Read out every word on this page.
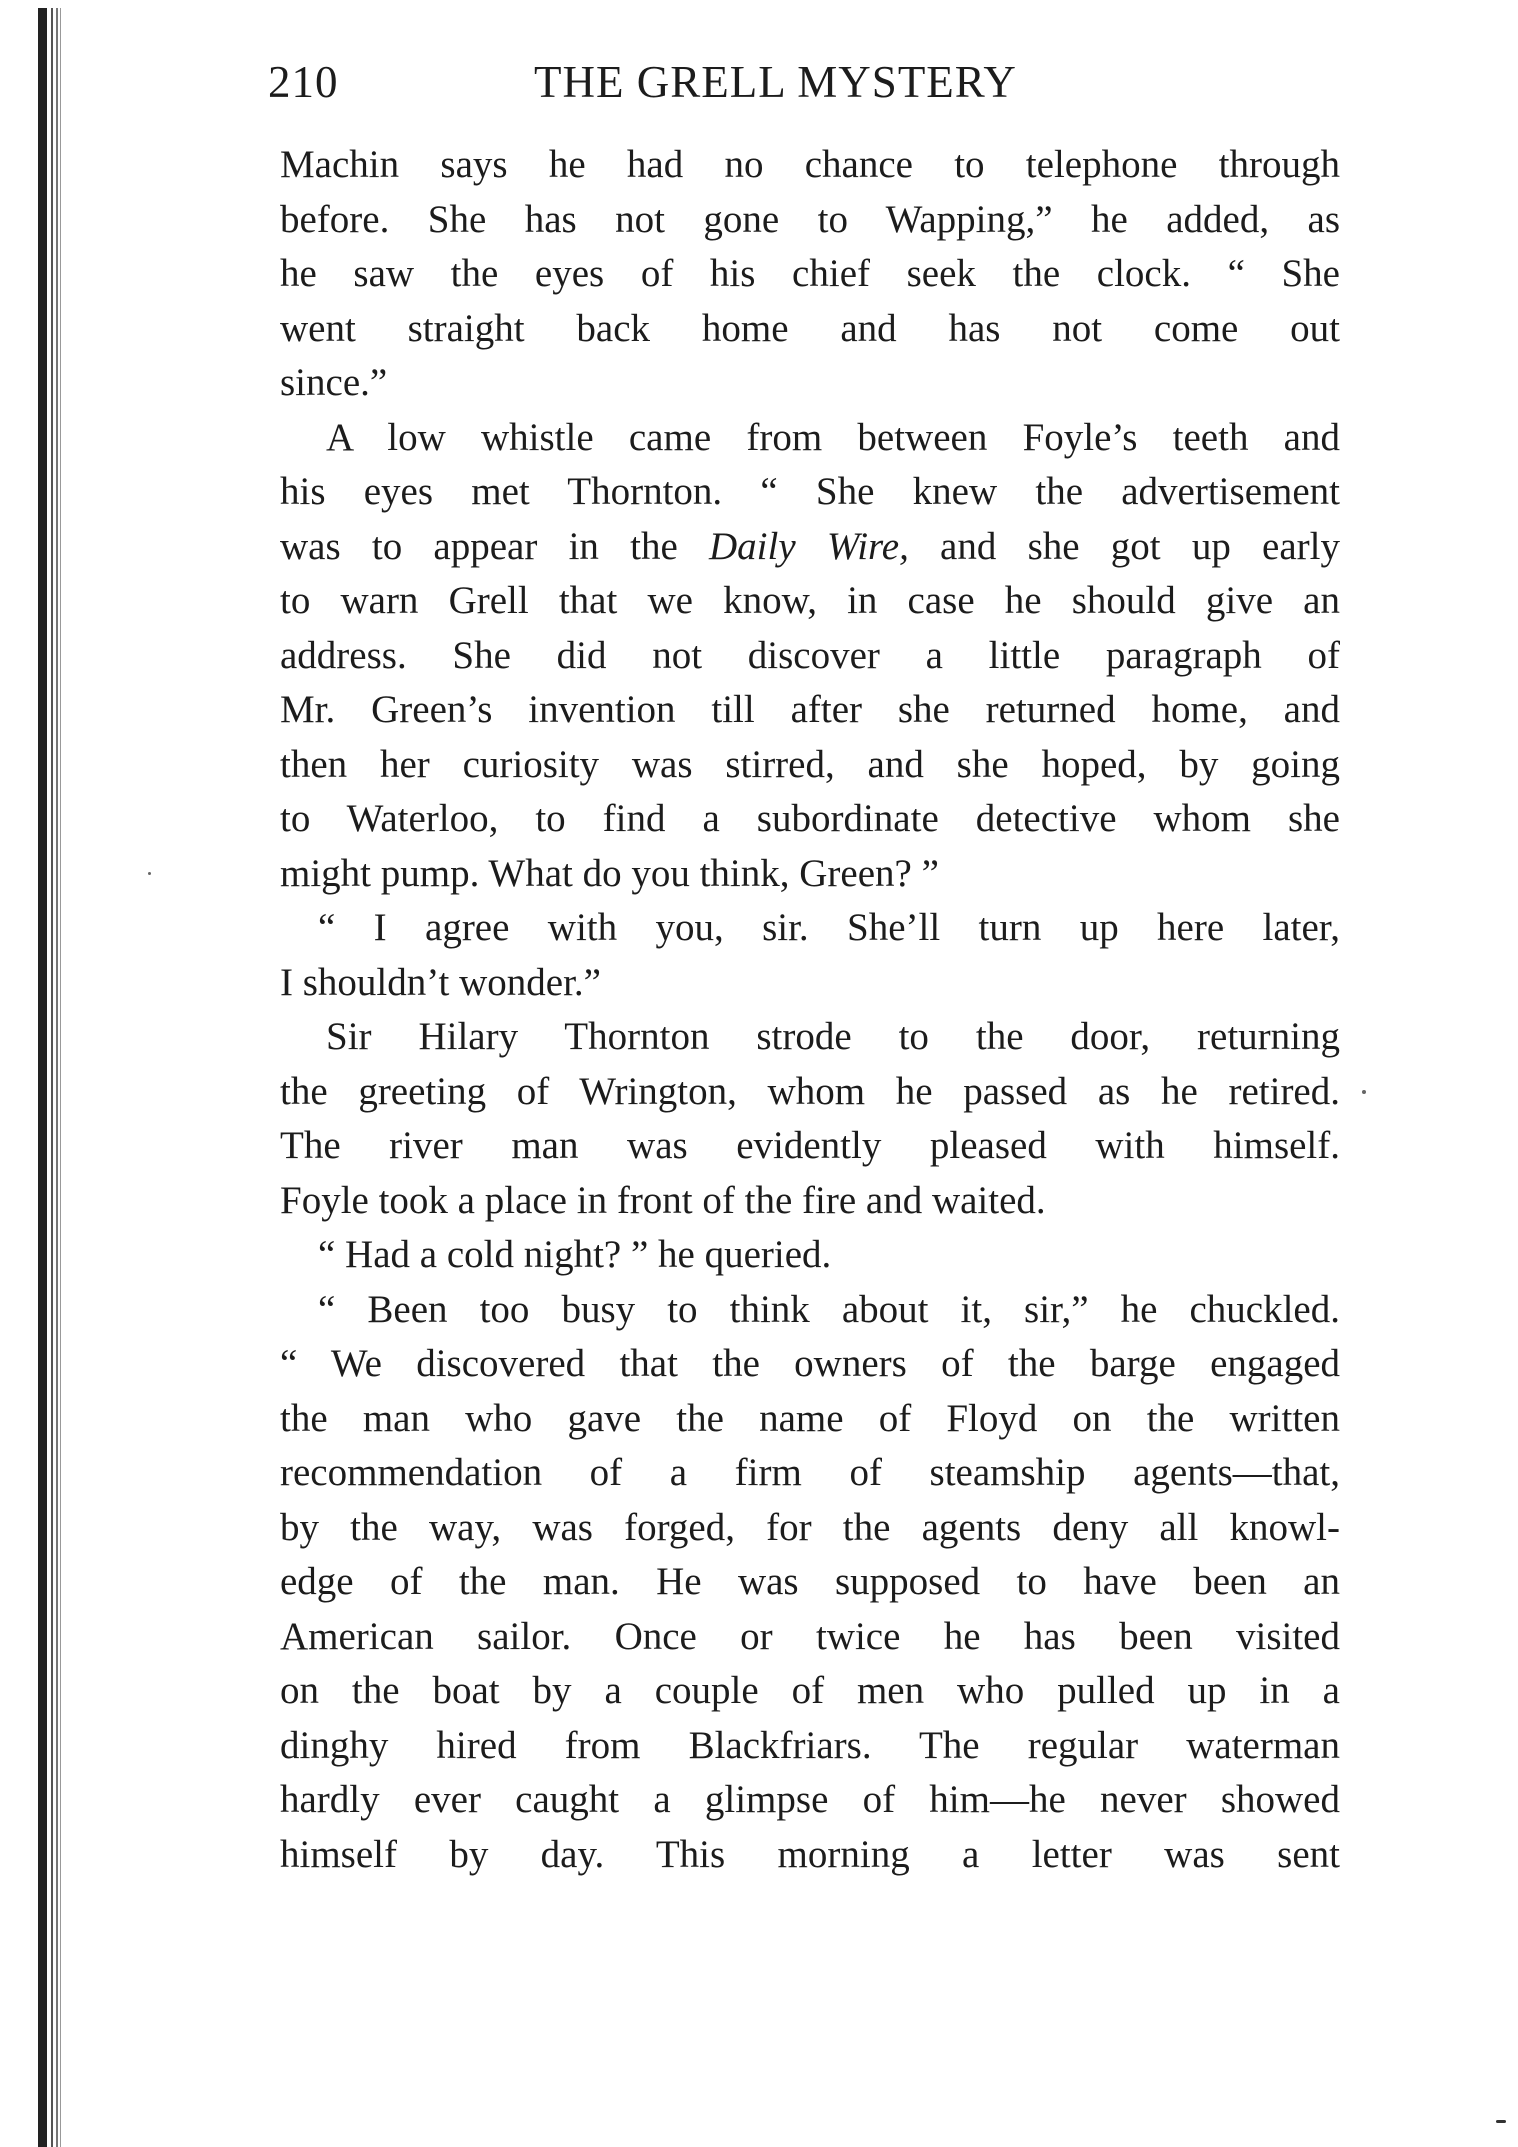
210	THE GRELL MYSTERY
Machin says he had no chance to telephone through
before. She has not gone to Wapping,” he added, as
he saw the eyes of his chief seek the clock. “ She
went straight back home and has not come out
since.”
A low whistle came from between Foyle’s teeth and
his eyes met Thornton. “ She knew the advertisement
was to appear in the Daily Wire, and she got up early
to warn Grell that we know, in case he should give an
address. She did not discover a little paragraph of
Mr. Green’s invention till after she returned home, and
then her curiosity was stirred, and she hoped, by going
to Waterloo, to find a subordinate detective whom she
might pump. What do you think, Green? ”
“ I agree with you, sir. She’ll turn up here later,
I shouldn’t wonder.”
Sir Hilary Thornton strode to the door, returning
the greeting of Wrington, whom he passed as he retired.
The river man was evidently pleased with himself.
Foyle took a place in front of the fire and waited.
“ Had a cold night? ” he queried.
“ Been too busy to think about it, sir,” he chuckled.
“ We discovered that the owners of the barge engaged
the man who gave the name of Floyd on the written
recommendation of a firm of steamship agents—that,
by the way, was forged, for the agents deny all knowl-
edge of the man. He was supposed to have been an
American sailor. Once or twice he has been visited
on the boat by a couple of men who pulled up in a
dinghy hired from Blackfriars. The regular waterman
hardly ever caught a glimpse of him—he never showed
himself by day. This morning a letter was sent
